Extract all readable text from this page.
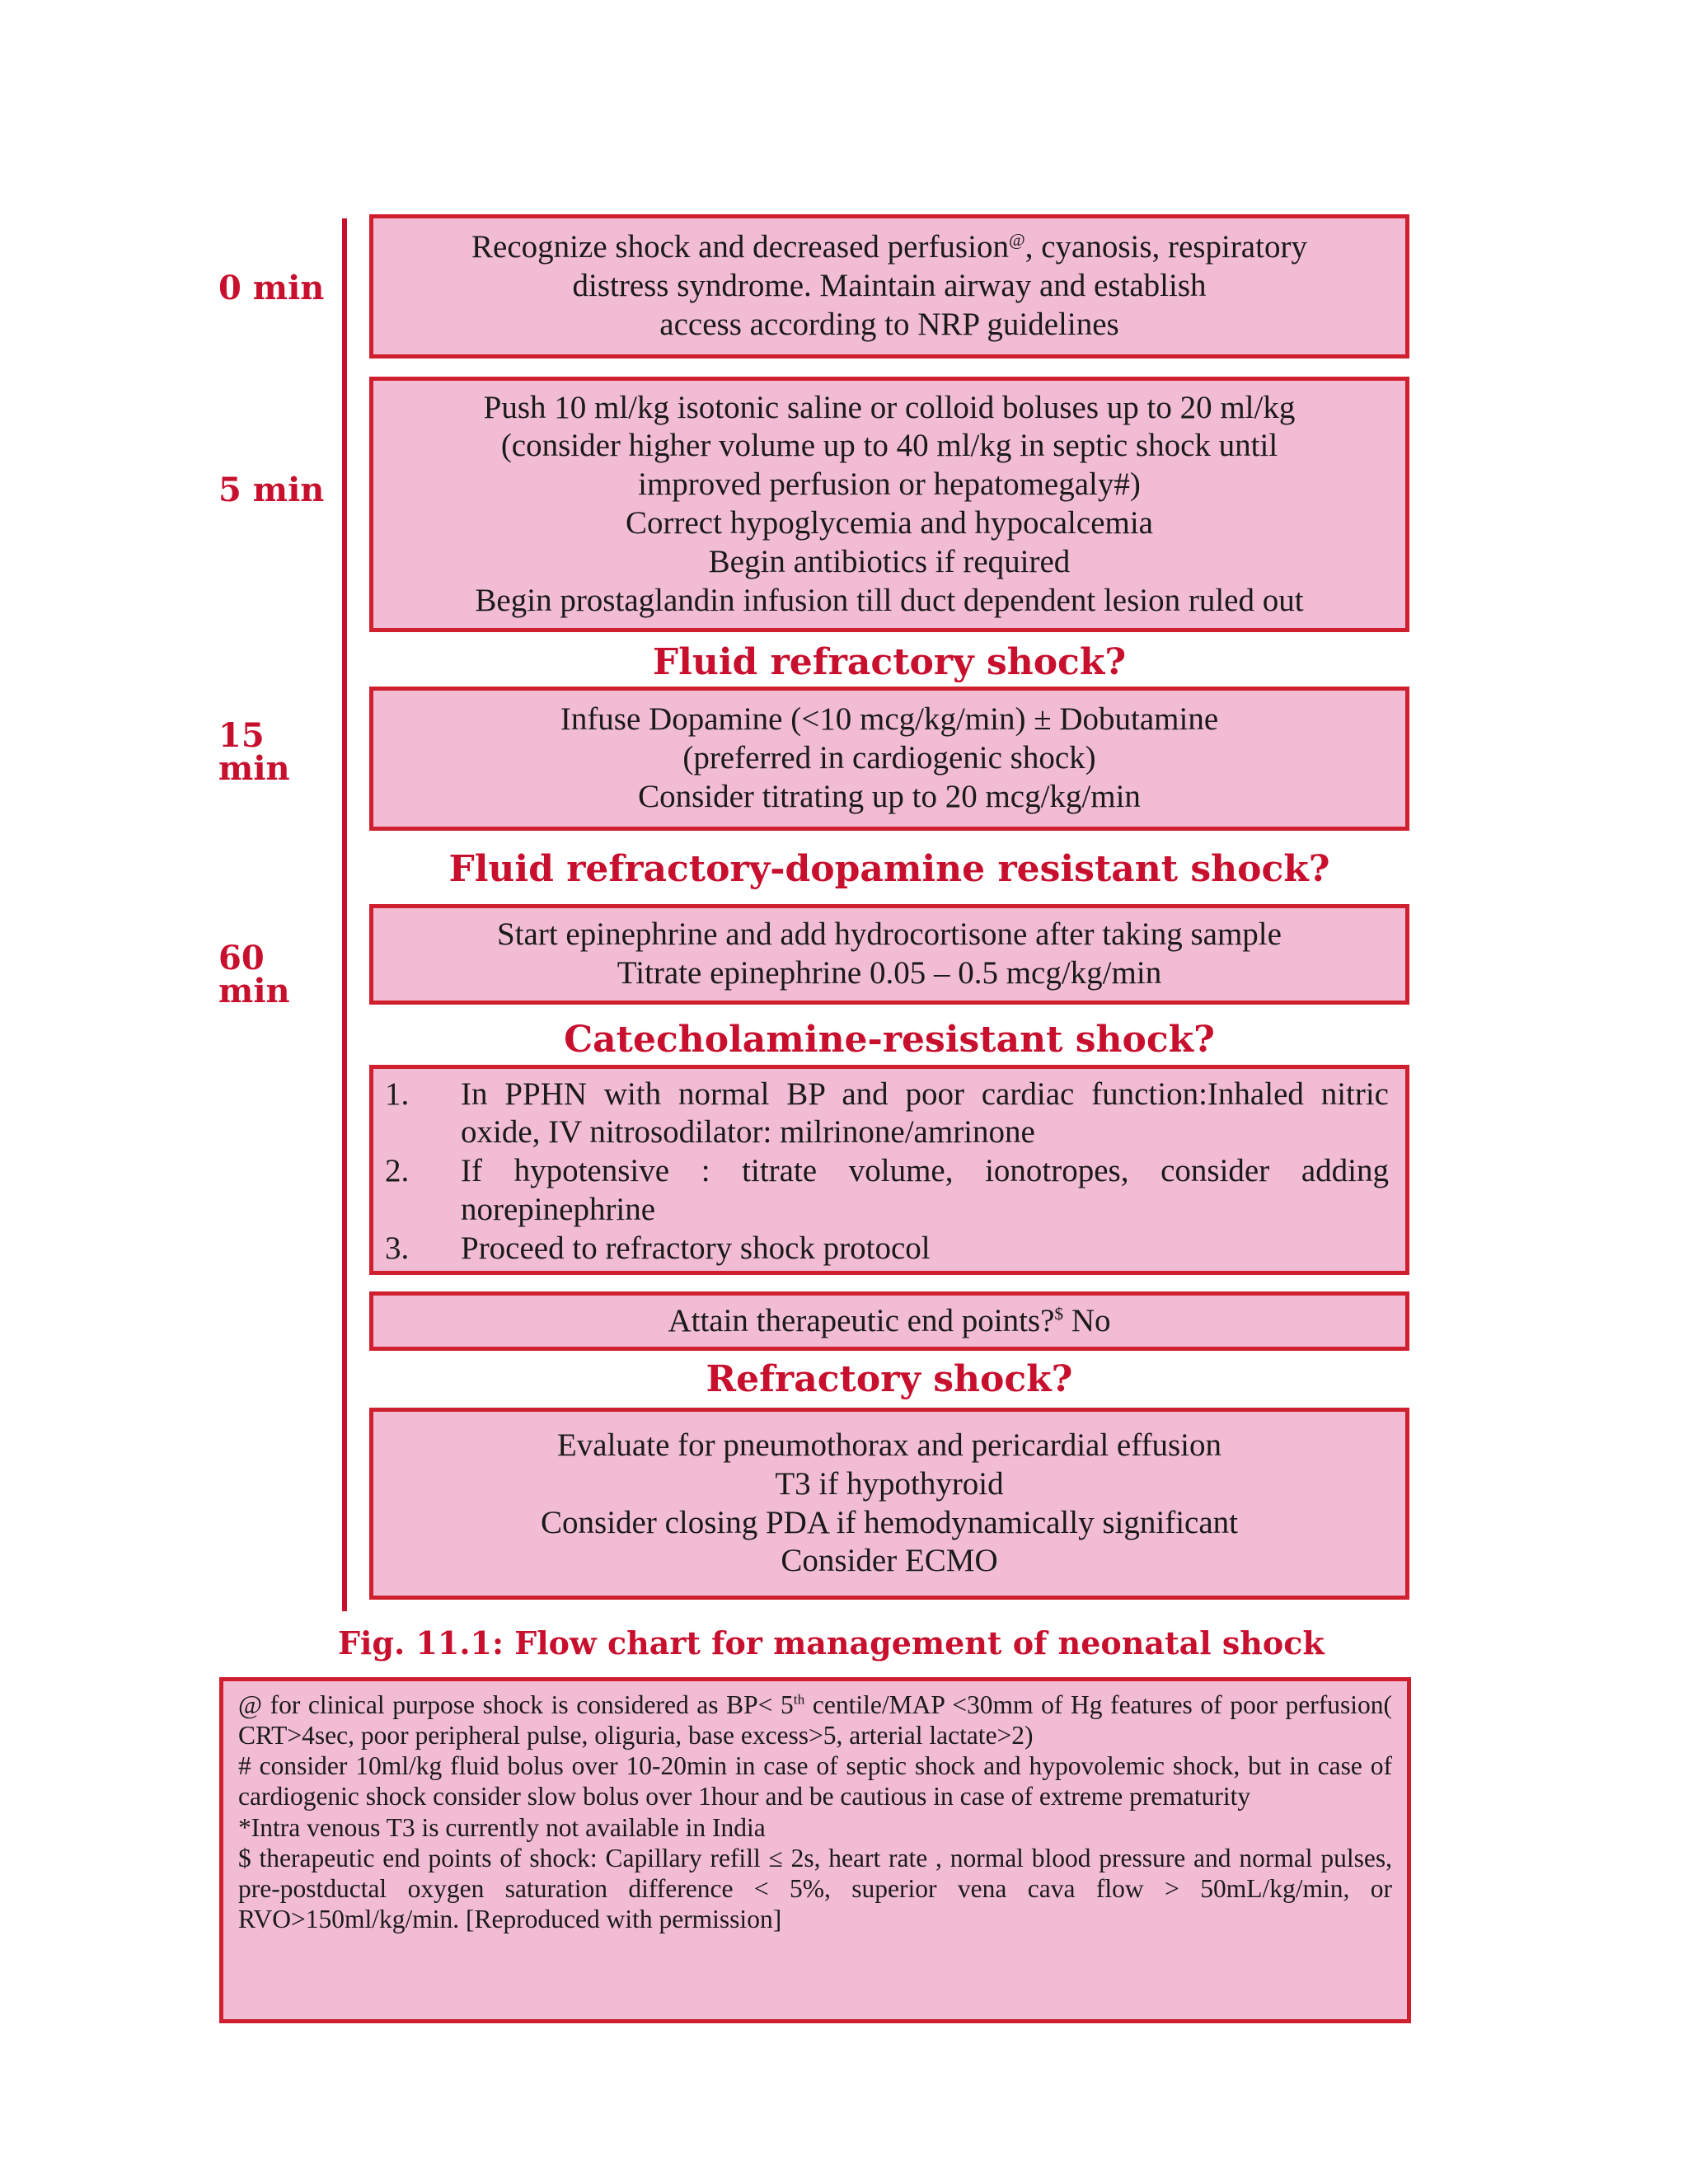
0 min
5 min
15 min
60 min
Recognize shock and decreased perfusion@, cyanosis, respiratory
distress syndrome. Maintain airway and establish
access according to NRP guidelines
Push 10 ml/kg isotonic saline or colloid boluses up to 20 ml/kg
(consider higher volume up to 40 ml/kg in septic shock until
improved perfusion or hepatomegaly#)
Correct hypoglycemia and hypocalcemia
Begin antibiotics if required
Begin prostaglandin infusion till duct dependent lesion ruled out
Fluid refractory shock?
Infuse Dopamine (<10 mcg/kg/min) ± Dobutamine
(preferred in cardiogenic shock)
Consider titrating up to 20 mcg/kg/min
Fluid refractory-dopamine resistant shock?
Start epinephrine and add hydrocortisone after taking sample
Titrate epinephrine 0.05 – 0.5 mcg/kg/min
Catecholamine-resistant shock?
1.	In PPHN with normal BP and poor cardiac function:Inhaled nitric oxide, IV nitrosodilator: milrinone/amrinone
2.	If hypotensive : titrate volume, ionotropes, consider adding norepinephrine
3.	Proceed to refractory shock protocol
Attain therapeutic end points?$ No
Refractory shock?
Evaluate for pneumothorax and pericardial effusion
T3 if hypothyroid
Consider closing PDA if hemodynamically significant
Consider ECMO
Fig. 11.1: Flow chart for management of neonatal shock

@ for clinical purpose shock is considered as BP< 5th centile/MAP <30mm of Hg features of poor perfusion( CRT>4sec, poor peripheral pulse, oliguria, base excess>5, arterial lactate>2)

# consider 10ml/kg fluid bolus over 10-20min in case of septic shock and hypovolemic shock, but in case of cardiogenic shock consider slow bolus over 1hour and be cautious in case of extreme prematurity

*Intra venous T3 is currently not available in India

$ therapeutic end points of shock: Capillary refill ≤ 2s, heart rate , normal blood pressure and normal pulses, pre-postductal oxygen saturation difference < 5%, superior vena cava flow > 50mL/kg/min, or RVO>150ml/kg/min. [Reproduced with permission]
